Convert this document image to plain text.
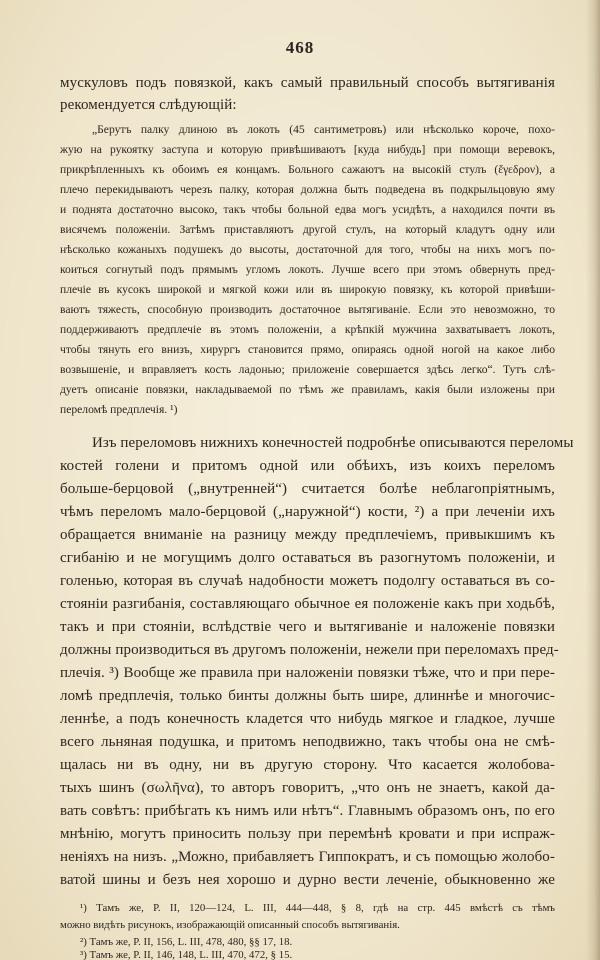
468
мускуловъ подъ повязкой, какъ самый правильный способъ вытягиванія
рекомендуется слѣдующій:
„Берутъ палку длиною въ локоть (45 сантиметровъ) или нѣсколько короче, похо-
жую на рукоятку заступа и которую привѣшиваютъ [куда нибудь] при помощи веревокъ,
прикрѣпленныхъ къ обоимъ ея концамъ. Больного сажаютъ на высокій стулъ (ἕγεδρον), а
плечо перекидываютъ черезъ палку, которая должна быть подведена въ подкрыльцовую яму
и поднята достаточно высоко, такъ чтобы больной едва могъ усидѣть, а находился почти въ
висячемъ положеніи. Затѣмъ приставляютъ другой стулъ, на который кладутъ одну или
нѣсколько кожаныхъ подушекъ до высоты, достаточной для того, чтобы на нихъ могъ по-
коиться согнутый подъ прямымъ угломъ локоть. Лучше всего при этомъ обвернуть пред-
плечіе въ кусокъ широкой и мягкой кожи или въ широкую повязку, къ которой привѣши-
ваютъ тяжесть, способную производить достаточное вытягиваніе. Если это невозможно, то
поддерживаютъ предплечіе въ этомъ положеніи, а крѣпкій мужчина захватываетъ локоть,
чтобы тянуть его внизъ, хирургъ становится прямо, опираясь одной ногой на какое либо
возвышеніе, и вправляетъ кость ладонью; приложеніе совершается здѣсь легко“. Тутъ слѣ-
дуетъ описаніе повязки, накладываемой по тѣмъ же правиламъ, какія были изложены при
переломѣ предплечія. ¹)
Изъ переломовъ нижнихъ конечностей подробнѣе описываются переломы
костей голени и притомъ одной или обѣихъ, изъ коихъ переломъ
больше-берцовой („внутренней“) считается болѣе неблагопріятнымъ,
чѣмъ переломъ мало-берцовой („наружной“) кости, ²) а при леченіи ихъ
обращается вниманіе на разницу между предплечіемъ, привыкшимъ къ
сгибанію и не могущимъ долго оставаться въ разогнутомъ положеніи, и
голенью, которая въ случаѣ надобности можетъ подолгу оставаться въ со-
стояніи разгибанія, составляющаго обычное ея положеніе какъ при ходьбѣ,
такъ и при стояніи, вслѣдствіе чего и вытягиваніе и наложеніе повязки
должны производиться въ другомъ положеніи, нежели при переломахъ пред-
плечія. ³) Вообще же правила при наложеніи повязки тѣже, что и при пере-
ломѣ предплечія, только бинты должны быть шире, длиннѣе и многочис-
леннѣе, а подъ конечность кладется что нибудь мягкое и гладкое, лучше
всего льняная подушка, и притомъ неподвижно, такъ чтобы она не смѣ-
щалась ни въ одну, ни въ другую сторону. Что касается жолобова-
тыхъ шинъ (σωλῆνα), то авторъ говоритъ, „что онъ не знаетъ, какой да-
вать совѣтъ: прибѣгать къ нимъ или нѣтъ“. Главнымъ образомъ онъ, по его
мнѣнію, могутъ приносить пользу при перемѣнѣ кровати и при испраж-
неніяхъ на низъ. „Можно, прибавляетъ Гиппократъ, и съ помощью жолобо-
ватой шины и безъ нея хорошо и дурно вести леченіе, обыкновенно же
¹) Тамъ же, P. II, 120—124, L. III, 444—448, § 8, гдѣ на стр. 445 вмѣстѣ съ тѣмъ
можно видѣть рисунокъ, изображающій описанный способъ вытягиванія.
²) Тамъ же, P. II, 156, L. III, 478, 480, §§ 17, 18.
³) Тамъ же, P. II, 146, 148, L. III, 470, 472, § 15.
